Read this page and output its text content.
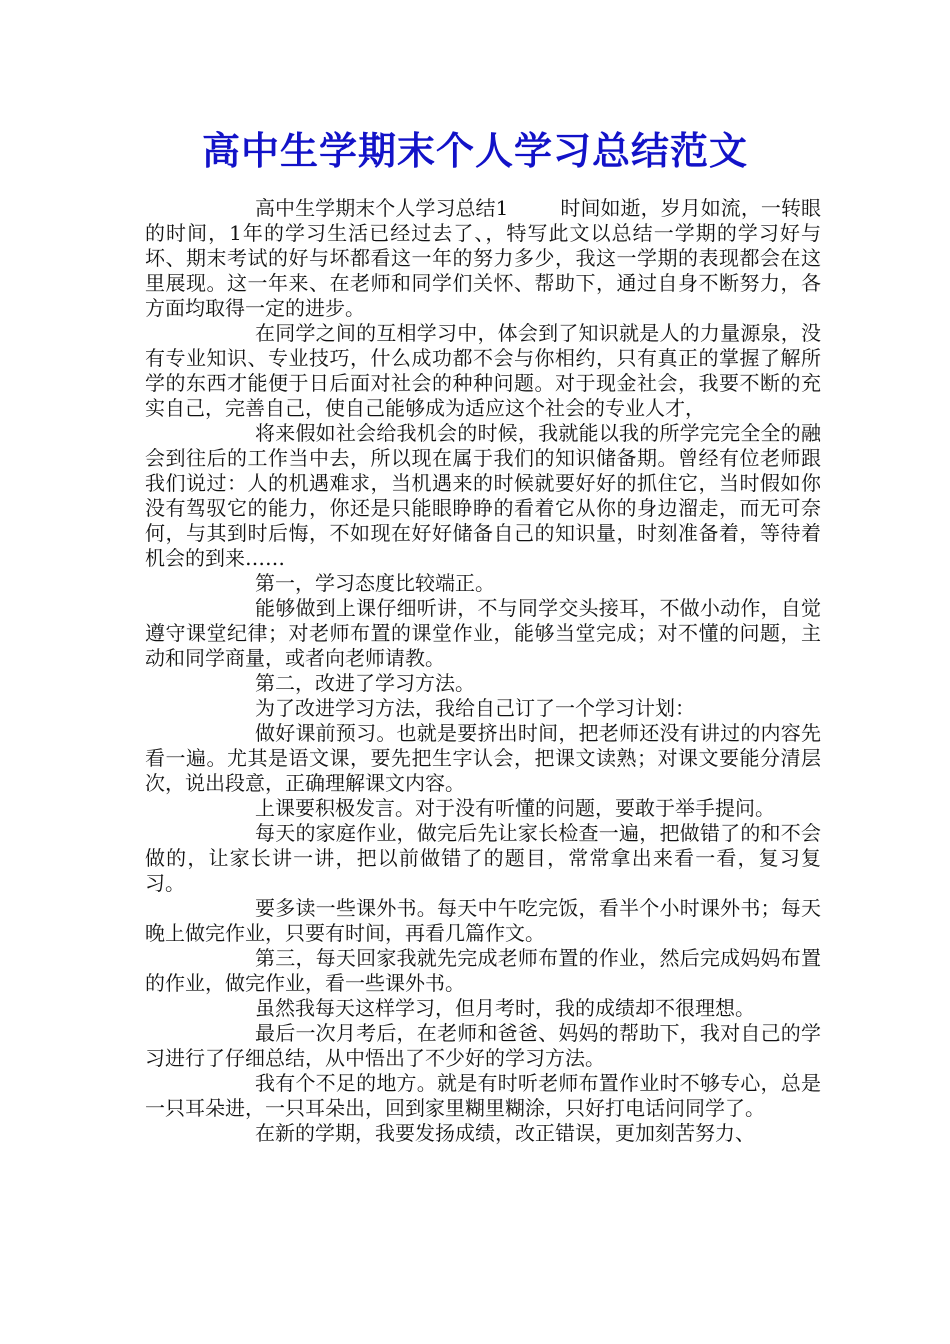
高中生学期末个人学习总结范文

高中生学期末个人学习总结1	时间如逝，岁月如流，一转眼的时间，1年的学习生活已经过去了、，特写此文以总结一学期的学习好与坏、期末考试的好与坏都看这一年的努力多少，我这一学期的表现都会在这里展现。这一年来、在老师和同学们关怀、帮助下，通过自身不断努力，各方面均取得一定的进步。

在同学之间的互相学习中，体会到了知识就是人的力量源泉，没有专业知识、专业技巧，什么成功都不会与你相约，只有真正的掌握了解所学的东西才能便于日后面对社会的种种问题。对于现金社会，我要不断的充实自己，完善自己，使自己能够成为适应这个社会的专业人才，

将来假如社会给我机会的时候，我就能以我的所学完完全全的融会到往后的工作当中去，所以现在属于我们的知识储备期。曾经有位老师跟我们说过：人的机遇难求，当机遇来的时候就要好好的抓住它，当时假如你没有驾驭它的能力，你还是只能眼睁睁的看着它从你的身边溜走，而无可奈何，与其到时后悔，不如现在好好储备自己的知识量，时刻准备着，等待着机会的到来……

第一，学习态度比较端正。

能够做到上课仔细听讲，不与同学交头接耳，不做小动作，自觉遵守课堂纪律；对老师布置的课堂作业，能够当堂完成；对不懂的问题，主动和同学商量，或者向老师请教。

第二，改进了学习方法。

为了改进学习方法，我给自己订了一个学习计划：

做好课前预习。也就是要挤出时间，把老师还没有讲过的内容先看一遍。尤其是语文课，要先把生字认会，把课文读熟；对课文要能分清层次，说出段意，正确理解课文内容。

上课要积极发言。对于没有听懂的问题，要敢于举手提问。

每天的家庭作业，做完后先让家长检查一遍，把做错了的和不会做的，让家长讲一讲，把以前做错了的题目，常常拿出来看一看，复习复习。

要多读一些课外书。每天中午吃完饭，看半个小时课外书；每天晚上做完作业，只要有时间，再看几篇作文。

第三，每天回家我就先完成老师布置的作业，然后完成妈妈布置的作业，做完作业，看一些课外书。

虽然我每天这样学习，但月考时，我的成绩却不很理想。

最后一次月考后，在老师和爸爸、妈妈的帮助下，我对自己的学习进行了仔细总结，从中悟出了不少好的学习方法。

我有个不足的地方。就是有时听老师布置作业时不够专心，总是一只耳朵进，一只耳朵出，回到家里糊里糊涂，只好打电话问同学了。

在新的学期，我要发扬成绩，改正错误，更加刻苦努力、
